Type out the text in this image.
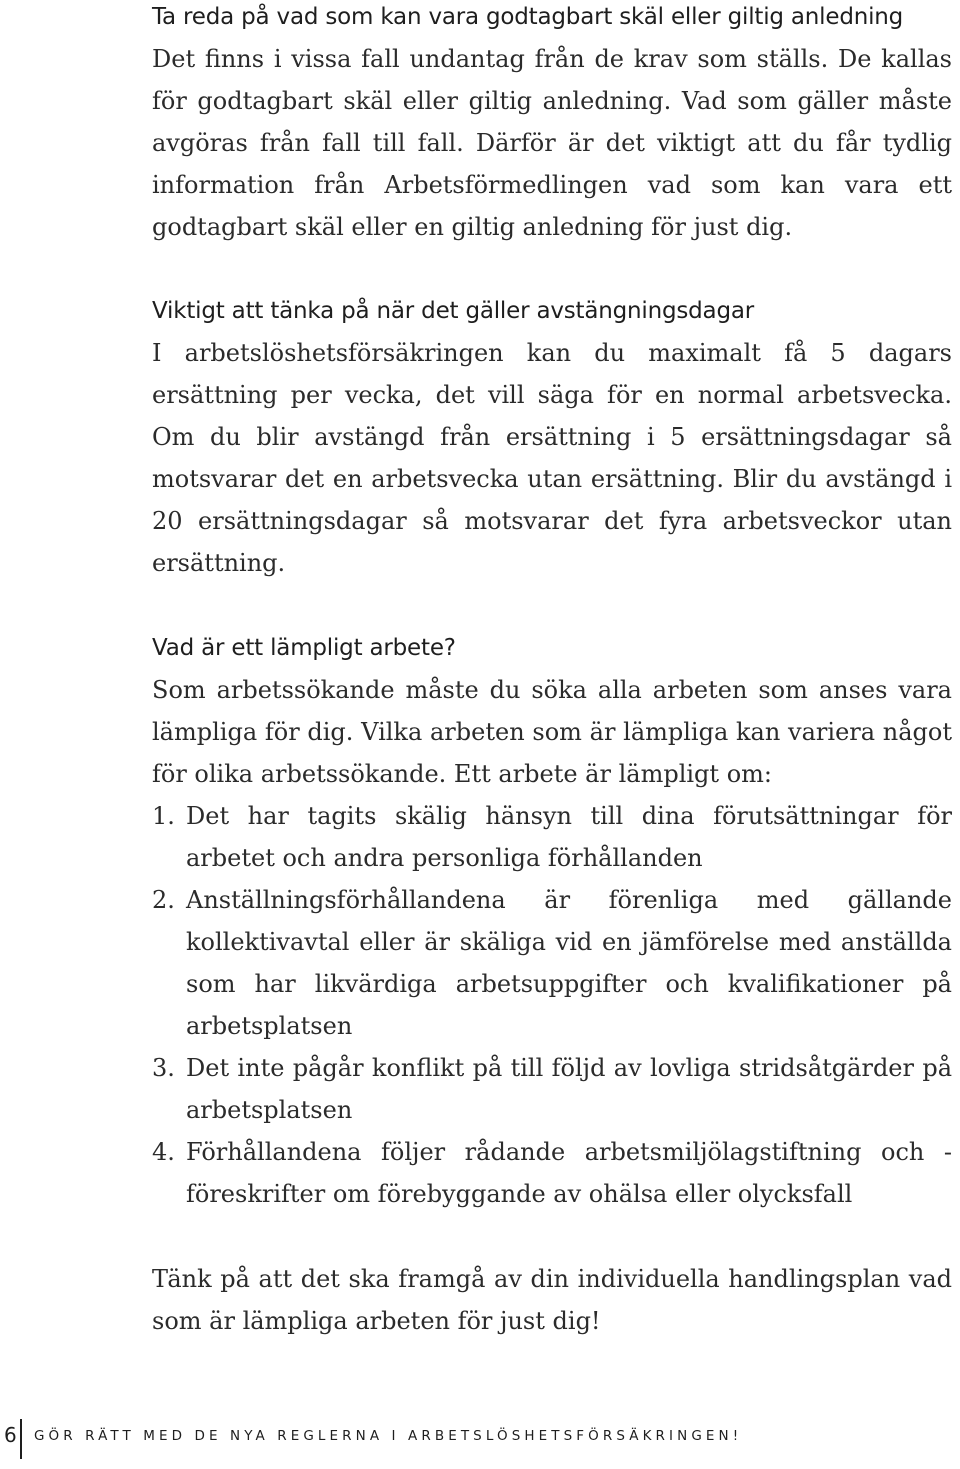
Ta reda på vad som kan vara godtagbart skäl eller giltig anledning

Det finns i vissa fall undantag från de krav som ställs. De kallas för godtagbart skäl eller giltig anledning. Vad som gäller måste avgöras från fall till fall. Därför är det viktigt att du får tydlig information från Arbetsförmedlingen vad som kan vara ett godtagbart skäl eller en giltig anledning för just dig.

Viktigt att tänka på när det gäller avstängningsdagar

I arbetslöshetsförsäkringen kan du maximalt få 5 dagars ersättning per vecka, det vill säga för en normal arbetsvecka. Om du blir avstängd från ersättning i 5 ersättningsdagar så motsvarar det en arbetsvecka utan ersättning. Blir du avstängd i 20 ersättningsdagar så motsvarar det fyra arbetsveckor utan ersättning.

Vad är ett lämpligt arbete?

Som arbetssökande måste du söka alla arbeten som anses vara lämpliga för dig. Vilka arbeten som är lämpliga kan variera något för olika arbetssökande. Ett arbete är lämpligt om:

1. Det har tagits skälig hänsyn till dina förutsättningar för arbetet och andra personliga förhållanden
2. Anställningsförhållandena är förenliga med gällande kollektivavtal eller är skäliga vid en jämförelse med anställda som har likvärdiga arbetsuppgifter och kvalifikationer på arbetsplatsen
3. Det inte pågår konflikt på till följd av lovliga stridsåtgärder på arbetsplatsen
4. Förhållandena följer rådande arbetsmiljölagstiftning och -föreskrifter om förebyggande av ohälsa eller olycksfall

Tänk på att det ska framgå av din individuella handlingsplan vad som är lämpliga arbeten för just dig!

6 GÖR RÄTT MED DE NYA REGLERNA I ARBETSLÖSHETSFÖRSÄKRINGEN!
